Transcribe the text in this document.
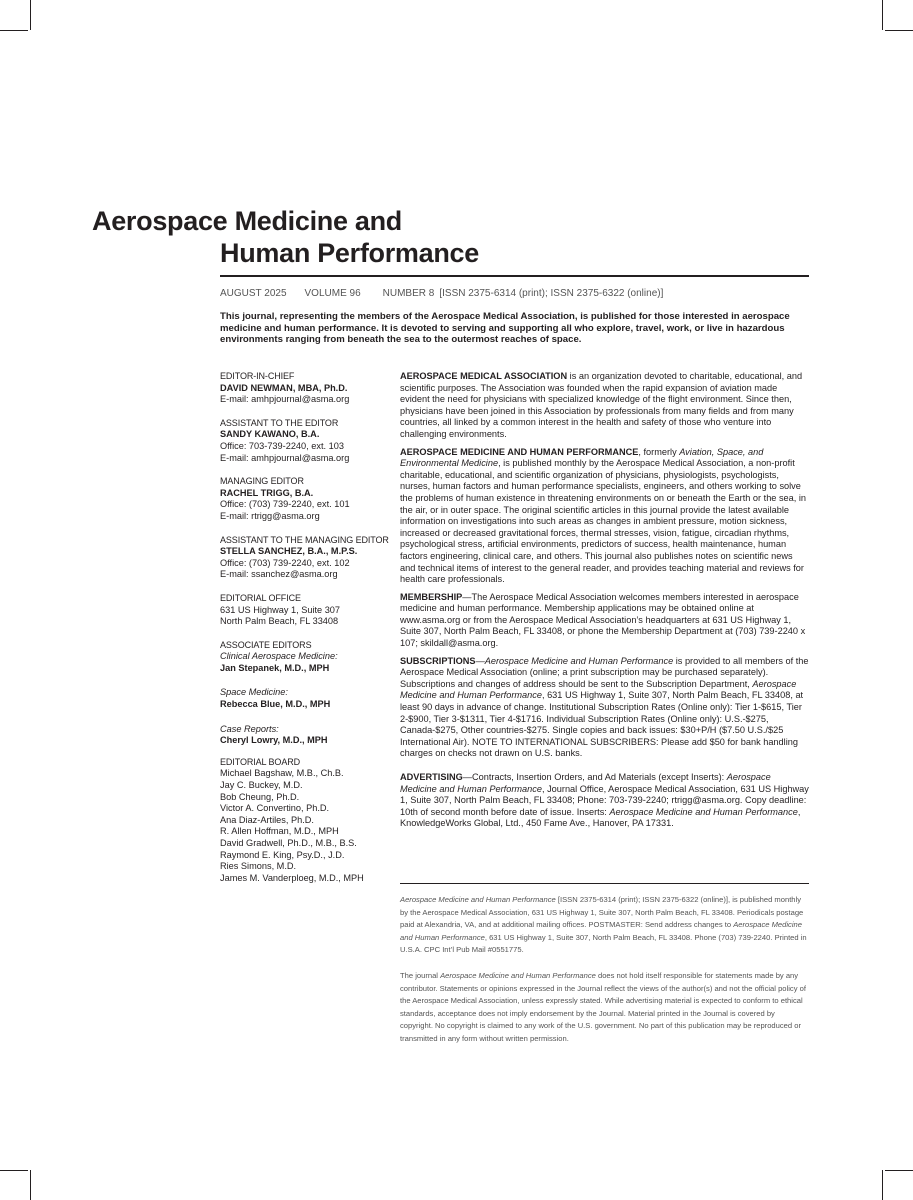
Aerospace Medicine and
Human Performance
AUGUST 2025 VOLUME 96 NUMBER 8 [ISSN 2375-6314 (print); ISSN 2375-6322 (online)]
This journal, representing the members of the Aerospace Medical Association, is published for those interested in aerospace medicine and human performance. It is devoted to serving and supporting all who explore, travel, work, or live in hazardous environments ranging from beneath the sea to the outermost reaches of space.
EDITOR-IN-CHIEF
DAVID NEWMAN, MBA, Ph.D.
E-mail: amhpjournal@asma.org
ASSISTANT TO THE EDITOR
SANDY KAWANO, B.A.
Office: 703-739-2240, ext. 103
E-mail: amhpjournal@asma.org
MANAGING EDITOR
RACHEL TRIGG, B.A.
Office: (703) 739-2240, ext. 101
E-mail: rtrigg@asma.org
ASSISTANT TO THE MANAGING EDITOR
STELLA SANCHEZ, B.A., M.P.S.
Office: (703) 739-2240, ext. 102
E-mail: ssanchez@asma.org
EDITORIAL OFFICE
631 US Highway 1, Suite 307
North Palm Beach, FL 33408
ASSOCIATE EDITORS
Clinical Aerospace Medicine:
Jan Stepanek, M.D., MPH
Space Medicine:
Rebecca Blue, M.D., MPH
Case Reports:
Cheryl Lowry, M.D., MPH
EDITORIAL BOARD
Michael Bagshaw, M.B., Ch.B.
Jay C. Buckey, M.D.
Bob Cheung, Ph.D.
Victor A. Convertino, Ph.D.
Ana Diaz-Artiles, Ph.D.
R. Allen Hoffman, M.D., MPH
David Gradwell, Ph.D., M.B., B.S.
Raymond E. King, Psy.D., J.D.
Ries Simons, M.D.
James M. Vanderploeg, M.D., MPH

AEROSPACE MEDICAL ASSOCIATION is an organization devoted to charitable, educational, and scientific purposes. The Association was founded when the rapid expansion of aviation made evident the need for physicians with specialized knowledge of the flight environment. Since then, physicians have been joined in this Association by professionals from many fields and from many countries, all linked by a common interest in the health and safety of those who venture into challenging environments.

AEROSPACE MEDICINE AND HUMAN PERFORMANCE, formerly Aviation, Space, and Environmental Medicine, is published monthly by the Aerospace Medical Association, a non-profit charitable, educational, and scientific organization of physicians, physiologists, psychologists, nurses, human factors and human performance specialists, engineers, and others working to solve the problems of human existence in threatening environments on or beneath the Earth or the sea, in the air, or in outer space. The original scientific articles in this journal provide the latest available information on investigations into such areas as changes in ambient pressure, motion sickness, increased or decreased gravitational forces, thermal stresses, vision, fatigue, circadian rhythms, psychological stress, artificial environments, predictors of success, health maintenance, human factors engineering, clinical care, and others. This journal also publishes notes on scientific news and technical items of interest to the general reader, and provides teaching material and reviews for health care professionals.

MEMBERSHIP—The Aerospace Medical Association welcomes members interested in aerospace medicine and human performance. Membership applications may be obtained online at www.asma.org or from the Aerospace Medical Association’s headquarters at 631 US Highway 1, Suite 307, North Palm Beach, FL 33408, or phone the Membership Department at (703) 739-2240 x 107; skildall@asma.org.

SUBSCRIPTIONS—Aerospace Medicine and Human Performance is provided to all members of the Aerospace Medical Association (online; a print subscription may be purchased separately). Subscriptions and changes of address should be sent to the Subscription Department, Aerospace Medicine and Human Performance, 631 US Highway 1, Suite 307, North Palm Beach, FL 33408, at least 90 days in advance of change. Institutional Subscription Rates (Online only): Tier 1-$615, Tier 2-$900, Tier 3-$1311, Tier 4-$1716. Individual Subscription Rates (Online only): U.S.-$275, Canada-$275, Other countries-$275. Single copies and back issues: $30+P/H ($7.50 U.S./$25 International Air). NOTE TO INTERNATIONAL SUBSCRIBERS: Please add $50 for bank handling charges on checks not drawn on U.S. banks.

ADVERTISING—Contracts, Insertion Orders, and Ad Materials (except Inserts): Aerospace Medicine and Human Performance, Journal Office, Aerospace Medical Association, 631 US Highway 1, Suite 307, North Palm Beach, FL 33408; Phone: 703-739-2240; rtrigg@asma.org. Copy deadline: 10th of second month before date of issue. Inserts: Aerospace Medicine and Human Performance, KnowledgeWorks Global, Ltd., 450 Fame Ave., Hanover, PA 17331.

Aerospace Medicine and Human Performance [ISSN 2375-6314 (print); ISSN 2375-6322 (online)], is published monthly by the Aerospace Medical Association, 631 US Highway 1, Suite 307, North Palm Beach, FL 33408. Periodicals postage paid at Alexandria, VA, and at additional mailing offices. POSTMASTER: Send address changes to Aerospace Medicine and Human Performance, 631 US Highway 1, Suite 307, North Palm Beach, FL 33408. Phone (703) 739-2240. Printed in U.S.A. CPC Int’l Pub Mail #0551775.
The journal Aerospace Medicine and Human Performance does not hold itself responsible for statements made by any contributor. Statements or opinions expressed in the Journal reflect the views of the author(s) and not the official policy of the Aerospace Medical Association, unless expressly stated. While advertising material is expected to conform to ethical standards, acceptance does not imply endorsement by the Journal. Material printed in the Journal is covered by copyright. No copyright is claimed to any work of the U.S. government. No part of this publication may be reproduced or transmitted in any form without written permission.
